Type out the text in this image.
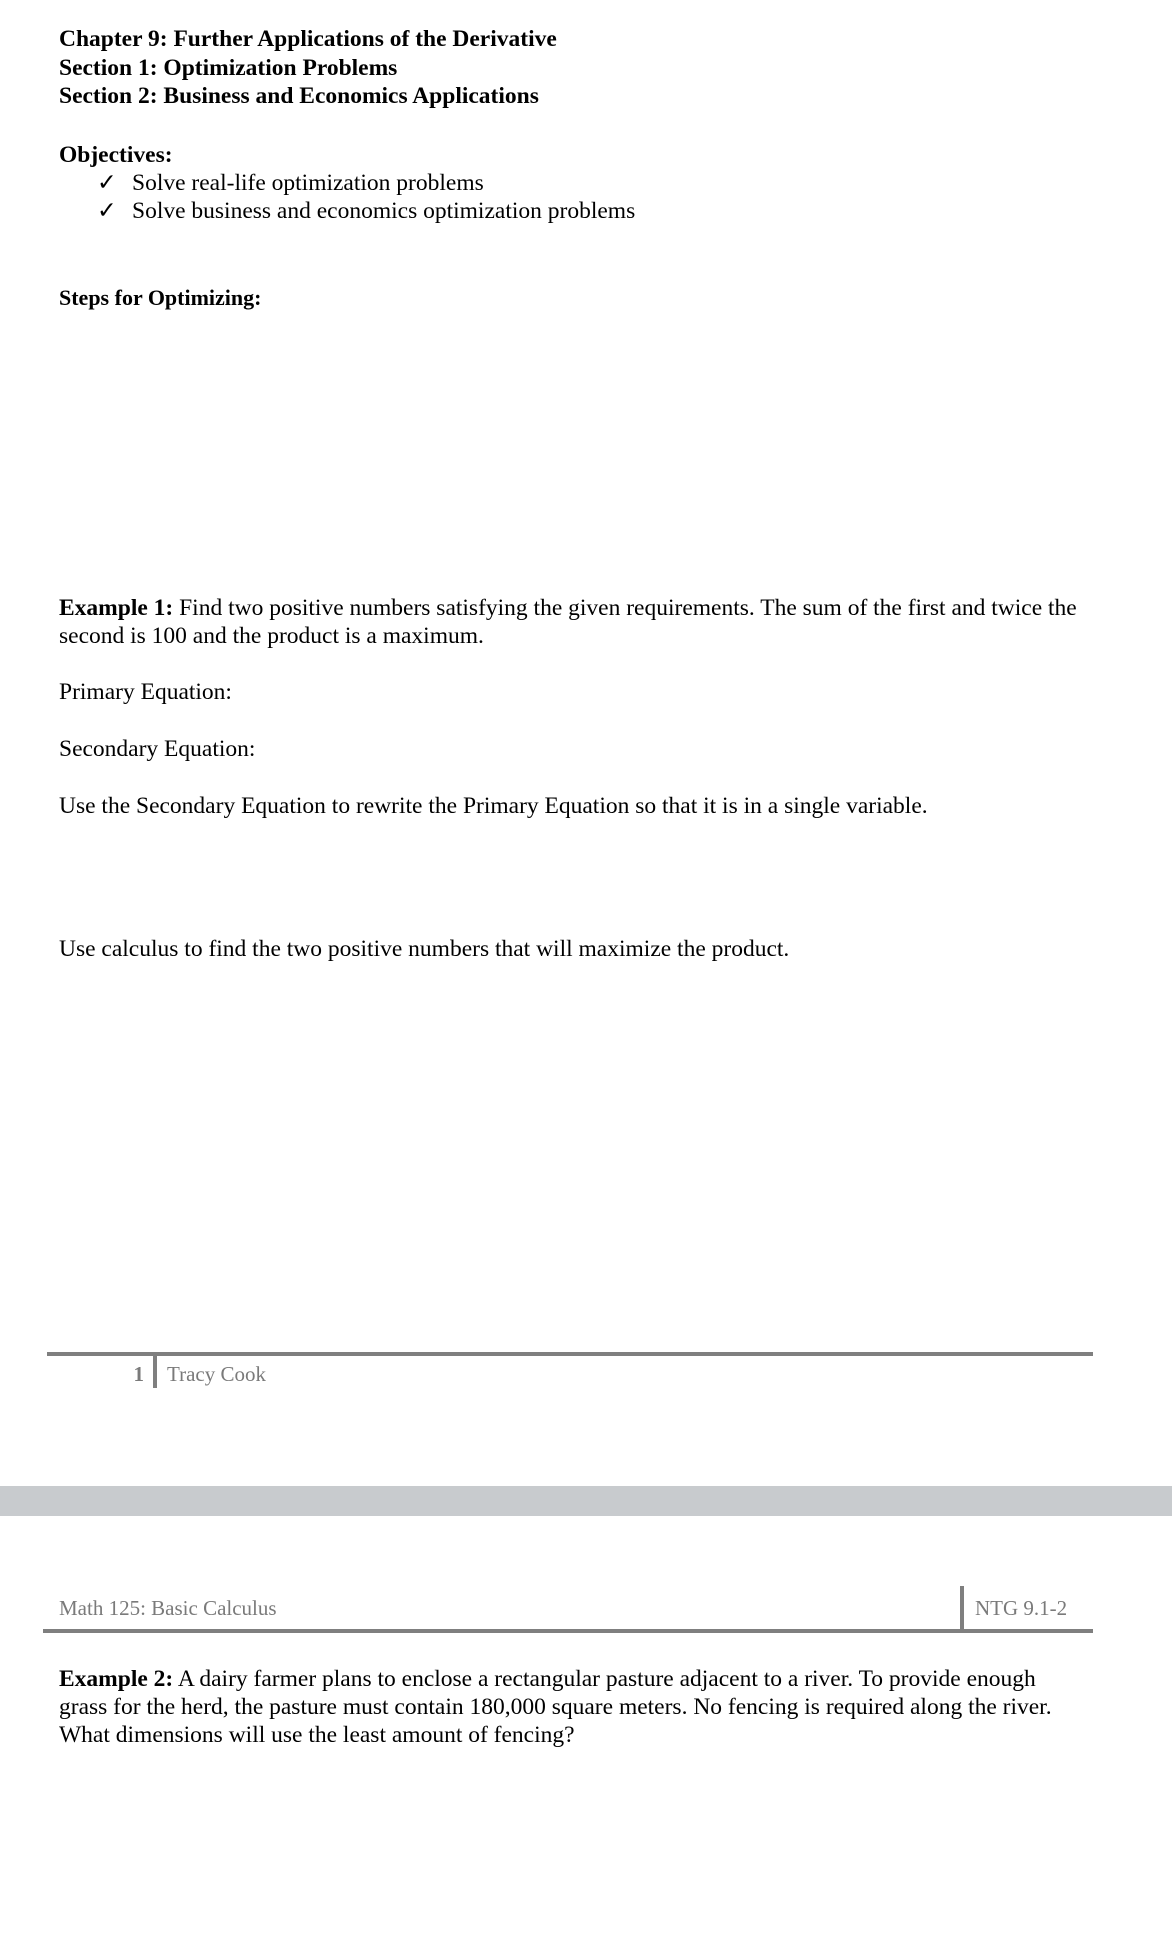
Chapter 9: Further Applications of the Derivative
Section 1: Optimization Problems
Section 2: Business and Economics Applications
Objectives:
✓ Solve real-life optimization problems
✓ Solve business and economics optimization problems
Steps for Optimizing:
Example 1: Find two positive numbers satisfying the given requirements. The sum of the first and twice the second is 100 and the product is a maximum.
Primary Equation:
Secondary Equation:
Use the Secondary Equation to rewrite the Primary Equation so that it is in a single variable.
Use calculus to find the two positive numbers that will maximize the product.
1 Tracy Cook
Math 125: Basic Calculus	NTG 9.1-2
Example 2: A dairy farmer plans to enclose a rectangular pasture adjacent to a river. To provide enough grass for the herd, the pasture must contain 180,000 square meters. No fencing is required along the river. What dimensions will use the least amount of fencing?
